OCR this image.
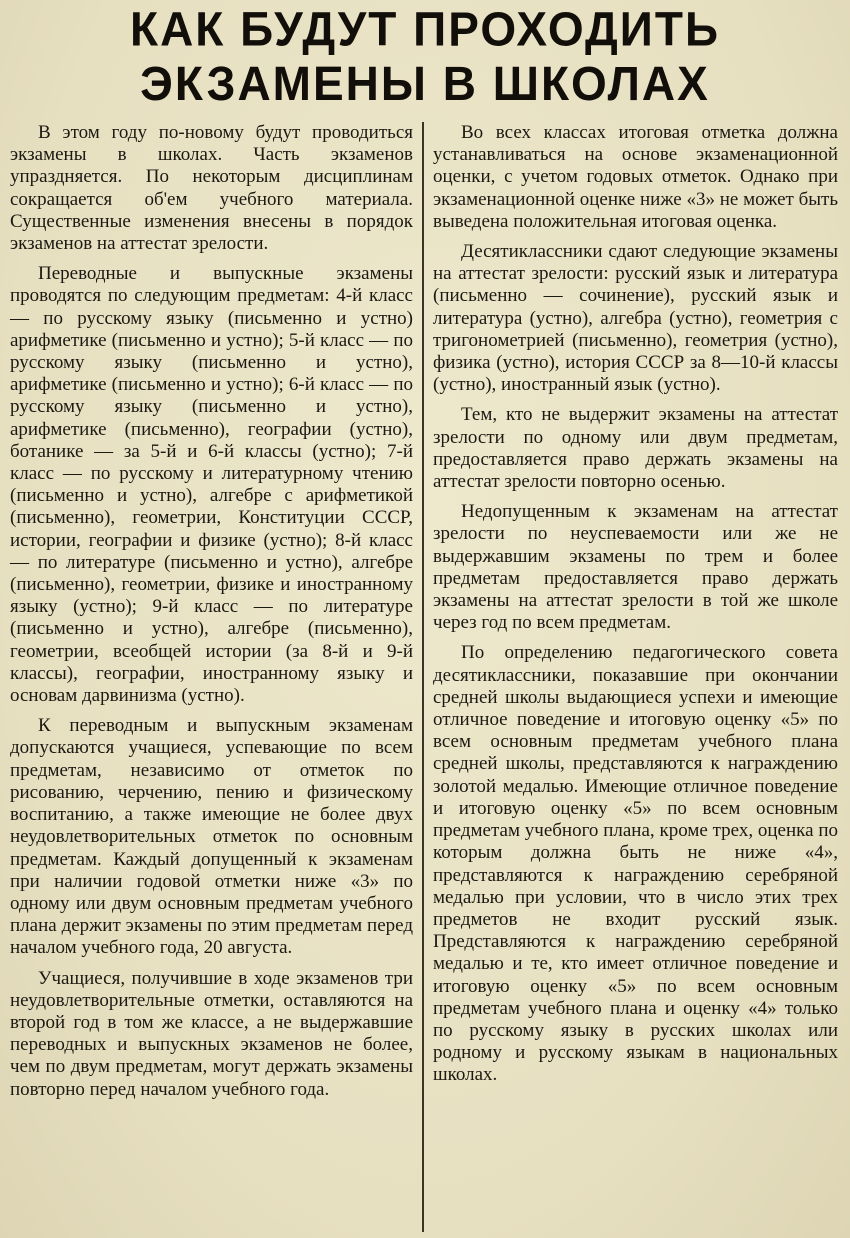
КАК БУДУТ ПРОХОДИТЬ
ЭКЗАМЕНЫ В ШКОЛАХ

В этом году по-новому будут проводиться экзамены в школах. Часть экзаменов упраздняется. По некоторым дисциплинам сокращается об'ем учебного материала. Существенные изменения внесены в порядок экзаменов на аттестат зрелости.

Переводные и выпускные экзамены проводятся по следующим предметам: 4-й класс — по русскому языку (письменно и устно) арифметике (письменно и устно); 5-й класс — по русскому языку (письменно и устно), арифметике (письменно и устно); 6-й класс — по русскому языку (письменно и устно), арифметике (письменно), географии (устно), ботанике — за 5-й и 6-й классы (устно); 7-й класс — по русскому и литературному чтению (письменно и устно), алгебре с арифметикой (письменно), геометрии, Конституции СССР, истории, географии и физике (устно); 8-й класс — по литературе (письменно и устно), алгебре (письменно), геометрии, физике и иностранному языку (устно); 9-й класс — по литературе (письменно и устно), алгебре (письменно), геометрии, всеобщей истории (за 8-й и 9-й классы), географии, иностранному языку и основам дарвинизма (устно).

К переводным и выпускным экзаменам допускаются учащиеся, успевающие по всем предметам, независимо от отметок по рисованию, черчению, пению и физическому воспитанию, а также имеющие не более двух неудовлетворительных отметок по основным предметам. Каждый допущенный к экзаменам при наличии годовой отметки ниже «3» по одному или двум основным предметам учебного плана держит экзамены по этим предметам перед началом учебного года, 20 августа.

Учащиеся, получившие в ходе экзаменов три неудовлетворительные отметки, оставляются на второй год в том же классе, а не выдержавшие переводных и выпускных экзаменов не более, чем по двум предметам, могут держать экзамены повторно перед началом учебного года.

Во всех классах итоговая отметка должна устанавливаться на основе экзаменационной оценки, с учетом годовых отметок. Однако при экзаменационной оценке ниже «3» не может быть выведена положительная итоговая оценка.

Десятиклассники сдают следующие экзамены на аттестат зрелости: русский язык и литература (письменно — сочинение), русский язык и литература (устно), алгебра (устно), геометрия с тригонометрией (письменно), геометрия (устно), физика (устно), история СССР за 8—10-й классы (устно), иностранный язык (устно).

Тем, кто не выдержит экзамены на аттестат зрелости по одному или двум предметам, предоставляется право держать экзамены на аттестат зрелости повторно осенью.

Недопущенным к экзаменам на аттестат зрелости по неуспеваемости или же не выдержавшим экзамены по трем и более предметам предоставляется право держать экзамены на аттестат зрелости в той же школе через год по всем предметам.

По определению педагогического совета десятиклассники, показавшие при окончании средней школы выдающиеся успехи и имеющие отличное поведение и итоговую оценку «5» по всем основным предметам учебного плана средней школы, представляются к награждению золотой медалью. Имеющие отличное поведение и итоговую оценку «5» по всем основным предметам учебного плана, кроме трех, оценка по которым должна быть не ниже «4», представляются к награждению серебряной медалью при условии, что в число этих трех предметов не входит русский язык. Представляются к награждению серебряной медалью и те, кто имеет отличное поведение и итоговую оценку «5» по всем основным предметам учебного плана и оценку «4» только по русскому языку в русских школах или родному и русскому языкам в национальных школах.
